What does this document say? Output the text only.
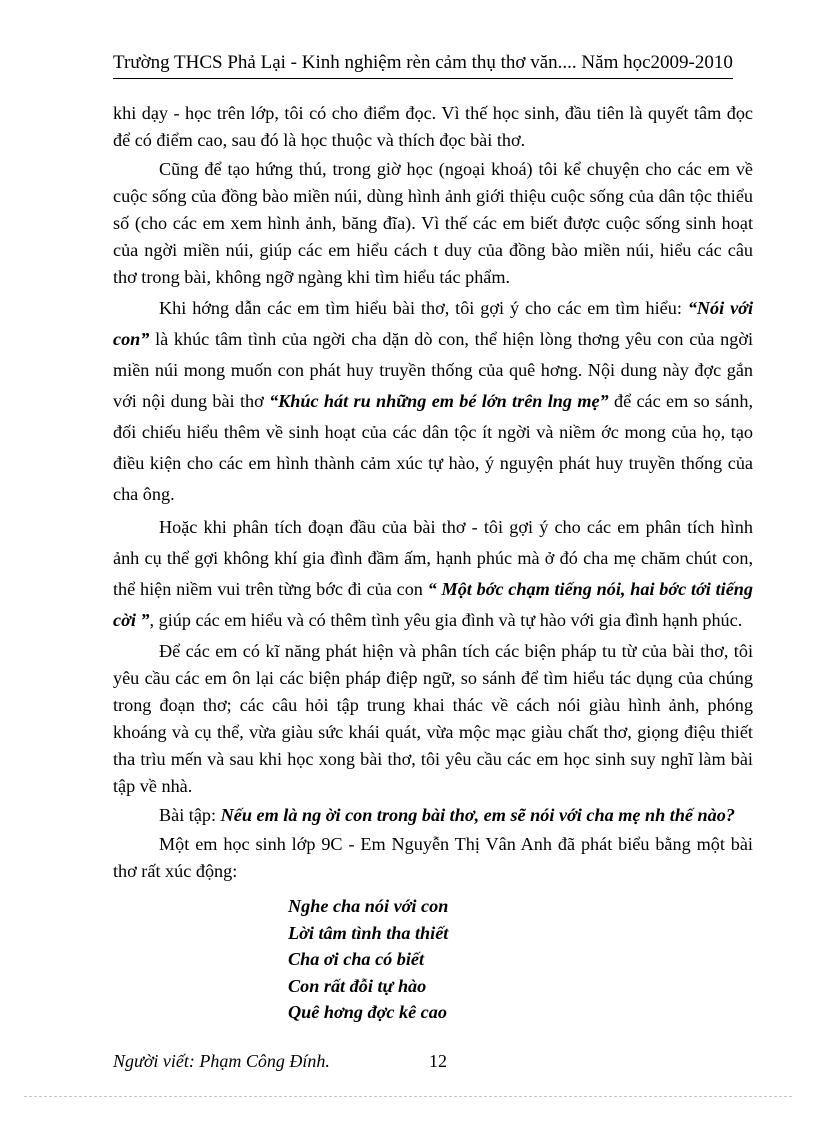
Trường THCS Phả Lại - Kinh nghiệm rèn cảm thụ thơ văn.... Năm học2009-2010

khi dạy - học trên lớp, tôi có cho điểm đọc. Vì thế học sinh, đầu tiên là quyết tâm đọc để có điểm cao, sau đó là học thuộc và thích đọc bài thơ.

Cũng để tạo hứng thú, trong giờ học (ngoại khoá) tôi kể chuyện cho các em về cuộc sống của đồng bào miền núi, dùng hình ảnh giới thiệu cuộc sống của dân tộc thiểu số (cho các em xem hình ảnh, băng đĩa). Vì thế các em biết được cuộc sống sinh hoạt của ngời miền núi, giúp các em hiểu cách t duy của đồng bào miền núi, hiểu các câu thơ trong bài, không ngỡ ngàng khi tìm hiểu tác phẩm.

Khi hớng dẫn các em tìm hiểu bài thơ, tôi gợi ý cho các em tìm hiểu: “Nói với con” là khúc tâm tình của ngời cha dặn dò con, thể hiện lòng thơng yêu con của ngời miền núi mong muốn con phát huy truyền thống của quê hơng. Nội dung này đợc gắn với nội dung bài thơ “Khúc hát ru những em bé lớn trên lng mẹ” để các em so sánh, đối chiếu hiểu thêm về sinh hoạt của các dân tộc ít ngời và niềm ớc mong của họ, tạo điều kiện cho các em hình thành cảm xúc tự hào, ý nguyện phát huy truyền thống của cha ông.

Hoặc khi phân tích đoạn đầu của bài thơ - tôi gợi ý cho các em phân tích hình ảnh cụ thể gợi không khí gia đình đầm ấm, hạnh phúc mà ở đó cha mẹ chăm chút con, thể hiện niềm vui trên từng bớc đi của con “ Một bớc chạm tiếng nói, hai bớc tới tiếng cời ”, giúp các em hiểu và có thêm tình yêu gia đình và tự hào với gia đình hạnh phúc.

Để các em có kĩ năng phát hiện và phân tích các biện pháp tu từ của bài thơ, tôi yêu cầu các em ôn lại các biện pháp điệp ngữ, so sánh để tìm hiểu tác dụng của chúng trong đoạn thơ; các câu hỏi tập trung khai thác về cách nói giàu hình ảnh, phóng khoáng và cụ thể, vừa giàu sức khái quát, vừa mộc mạc giàu chất thơ, giọng điệu thiết tha trìu mến và sau khi học xong bài thơ, tôi yêu cầu các em học sinh suy nghĩ làm bài tập về nhà.

Bài tập: Nếu em là ng ời con trong bài thơ, em sẽ nói với cha mẹ nh thế nào?

Một em học sinh lớp 9C - Em Nguyễn Thị Vân Anh đã phát biểu bằng một bài thơ rất xúc động:

Nghe cha nói với con
Lời tâm tình tha thiết
Cha ơi cha có biết
Con rất đỗi tự hào
Quê hơng đợc kê cao
Người viết: Phạm Công Đính.	12
